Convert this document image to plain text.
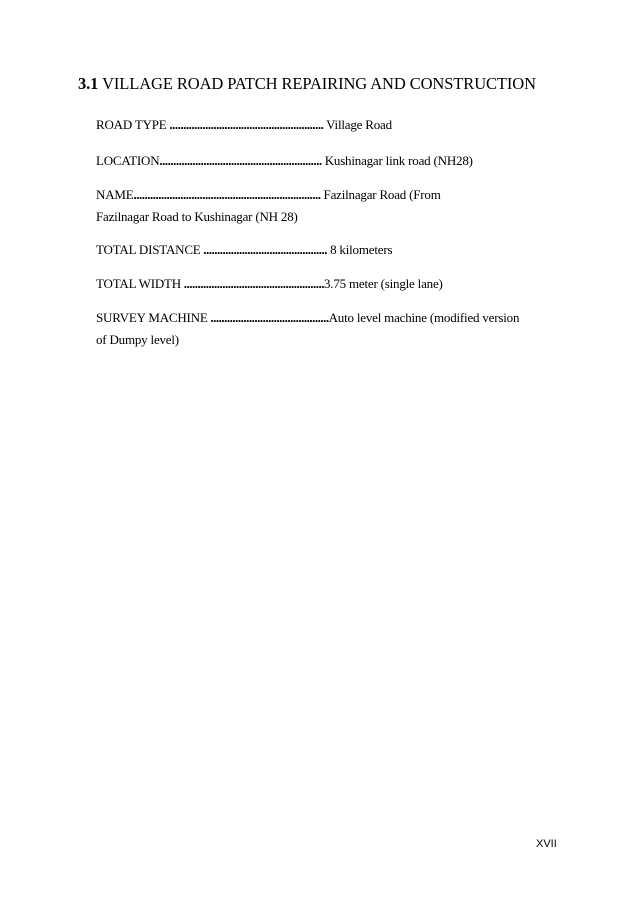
3.1 VILLAGE ROAD PATCH REPAIRING AND CONSTRUCTION
ROAD TYPE ........................................................ Village Road
LOCATION........................................................... Kushinagar link road (NH28)
NAME.................................................................... Fazilnagar Road (From
Fazilnagar Road to Kushinagar (NH 28)
TOTAL DISTANCE ............................................. 8 kilometers
TOTAL WIDTH ...................................................3.75 meter (single lane)
SURVEY MACHINE ...........................................Auto level machine (modified version
of Dumpy level)
XVII
